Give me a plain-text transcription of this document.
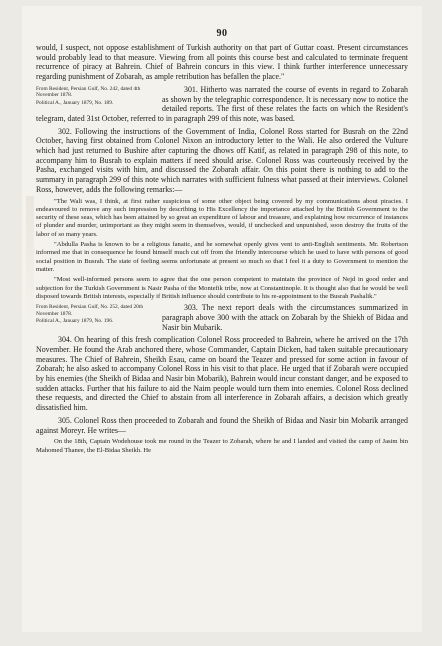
90

would, I suspect, not oppose establishment of Turkish authority on that part of Guttar coast. Present circumstances would probably lead to that measure. Viewing from all points this course best and calculated to terminate frequent recurrence of piracy at Bahrein. Chief of Bahrein concurs in this view. I think further interference unnecessary regarding punishment of Zobarah, as ample retribution has befallen the place."

From Resident, Persian Gulf, No. 242, dated 4th November 1878.
Political A., January 1879, No. 189.

301. Hitherto was narrated the course of events in regard to Zobarah as shown by the telegraphic correspondence. It is necessary now to notice the detailed reports. The first of these relates the facts on which the Resident's telegram, dated 31st October, referred to in paragraph 299 of this note, was based.

302. Following the instructions of the Government of India, Colonel Ross started for Busrah on the 22nd October, having first obtained from Colonel Nixon an introductory letter to the Wali. He also ordered the Vulture which had just returned to Bushire after capturing the dhows off Katif, as related in paragraph 298 of this note, to accompany him to Busrah to explain matters if need should arise. Colonel Ross was courteously received by the Pasha, exchanged visits with him, and discussed the Zobarah affair. On this point there is nothing to add to the summary in paragraph 299 of this note which narrates with sufficient fulness what passed at their interviews. Colonel Ross, however, adds the following remarks:—

"The Wali was, I think, at first rather suspicious of some other object being covered by my communications about piracies. I endeavoured to remove any such impression by describing to His Excellency the importance attached by the British Government to the security of these seas, which has been attained by so great an expenditure of labour and treasure, and explaining how recurrence of instances of plunder and murder, unimportant as they might seem in themselves, would, if unchecked and unpunished, soon destroy the fruits of the labor of so many years.

"Abdulla Pasha is known to be a religious fanatic, and he somewhat openly gives vent to anti-English sentiments. Mr. Robertson informed me that in consequence he found himself much cut off from the friendly intercourse which he used to have with persons of good social position in Busrah. The state of feeling seems unfortunate at present so much so that I feel it a duty to Government to mention the matter.

"Most well-informed persons seem to agree that the one person competent to maintain the province of Nejd in good order and subjection for the Turkish Government is Nasir Pasha of the Montefik tribe, now at Constantinople. It is thought also that he would be well disposed towards British interests, especially if British influence should contribute to his re-appointment to the Busrah Pashalik."

From Resident, Persian Gulf, No. 252, dated 20th November 1878.
Political A., January 1879, No. 196.

303. The next report deals with the circumstances summarized in paragraph above 300 with the attack on Zobarah by the Shiekh of Bidaa and Nasir bin Mubarik.

304. On hearing of this fresh complication Colonel Ross proceeded to Bahrein, where he arrived on the 17th November. He found the Arab anchored there, whose Commander, Captain Dicken, had taken suitable precautionary measures. The Chief of Bahrein, Sheikh Esau, came on board the Teazer and pressed for some action in favour of Zobarah; he also asked to accompany Colonel Ross in his visit to that place. He urged that if Zobarah were occupied by his enemies (the Sheikh of Bidaa and Nasir bin Mobarik), Bahrein would incur constant danger, and be exposed to sudden attacks. Further that his failure to aid the Naim people would turn them into enemies. Colonel Ross declined these requests, and directed the Chief to abstain from all interference in Zobarah affairs, a decision which greatly dissatisfied him.

305. Colonel Ross then proceeded to Zobarah and found the Sheikh of Bidaa and Nasir bin Mobarik arranged against Moreyr. He writes—

On the 18th, Captain Wodehouse took me round in the Teazer to Zobarah, where he and I landed and visited the camp of Jasim bin Mahomed Thanee, the El-Bidaa Sheikh. He
